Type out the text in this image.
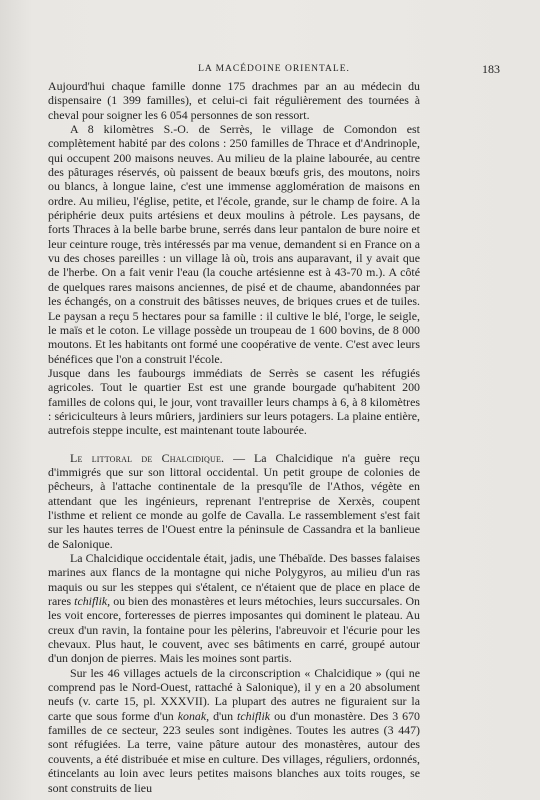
LA MACÉDOINE ORIENTALE.	183

Aujourd'hui chaque famille donne 175 drachmes par an au médecin du dispensaire (1 399 familles), et celui-ci fait régulièrement des tournées à cheval pour soigner les 6 054 personnes de son ressort.

A 8 kilomètres S.-O. de Serrès, le village de Comondon est complètement habité par des colons : 250 familles de Thrace et d'Andrinople, qui occupent 200 maisons neuves. Au milieu de la plaine labourée, au centre des pâturages réservés, où paissent de beaux bœufs gris, des moutons, noirs ou blancs, à longue laine, c'est une immense agglomération de maisons en ordre. Au milieu, l'église, petite, et l'école, grande, sur le champ de foire. A la périphérie deux puits artésiens et deux moulins à pétrole. Les paysans, de forts Thraces à la belle barbe brune, serrés dans leur pantalon de bure noire et leur ceinture rouge, très intéressés par ma venue, demandent si en France on a vu des choses pareilles : un village là où, trois ans auparavant, il y avait que de l'herbe. On a fait venir l'eau (la couche artésienne est à 43-70 m.). A côté de quelques rares maisons anciennes, de pisé et de chaume, abandonnées par les échangés, on a construit des bâtisses neuves, de briques crues et de tuiles. Le paysan a reçu 5 hectares pour sa famille : il cultive le blé, l'orge, le seigle, le maïs et le coton. Le village possède un troupeau de 1 600 bovins, de 8 000 moutons. Et les habitants ont formé une coopérative de vente. C'est avec leurs bénéfices que l'on a construit l'école.

Jusque dans les faubourgs immédiats de Serrès se casent les réfugiés agricoles. Tout le quartier Est est une grande bourgade qu'habitent 200 familles de colons qui, le jour, vont travailler leurs champs à 6, à 8 kilomètres : sériciculteurs à leurs mûriers, jardiniers sur leurs potagers. La plaine entière, autrefois steppe inculte, est maintenant toute labourée.

Le littoral de Chalcidique. — La Chalcidique n'a guère reçu d'immigrés que sur son littoral occidental. Un petit groupe de colonies de pêcheurs, à l'attache continentale de la presqu'île de l'Athos, végète en attendant que les ingénieurs, reprenant l'entreprise de Xerxès, coupent l'isthme et relient ce monde au golfe de Cavalla. Le rassemblement s'est fait sur les hautes terres de l'Ouest entre la péninsule de Cassandra et la banlieue de Salonique.

La Chalcidique occidentale était, jadis, une Thébaïde. Des basses falaises marines aux flancs de la montagne qui niche Polygyros, au milieu d'un ras maquis ou sur les steppes qui s'étalent, ce n'étaient que de place en place de rares tchiflik, ou bien des monastères et leurs métochies, leurs succursales. On les voit encore, forteresses de pierres imposantes qui dominent le plateau. Au creux d'un ravin, la fontaine pour les pèlerins, l'abreuvoir et l'écurie pour les chevaux. Plus haut, le couvent, avec ses bâtiments en carré, groupé autour d'un donjon de pierres. Mais les moines sont partis.

Sur les 46 villages actuels de la circonscription « Chalcidique » (qui ne comprend pas le Nord-Ouest, rattaché à Salonique), il y en a 20 absolument neufs (v. carte 15, pl. XXXVII). La plupart des autres ne figuraient sur la carte que sous forme d'un konak, d'un tchiflik ou d'un monastère. Des 3 670 familles de ce secteur, 223 seules sont indigènes. Toutes les autres (3 447) sont réfugiées. La terre, vaine pâture autour des monastères, autour des couvents, a été distribuée et mise en culture. Des villages, réguliers, ordonnés, étincelants au loin avec leurs petites maisons blanches aux toits rouges, se sont construits de lieu
